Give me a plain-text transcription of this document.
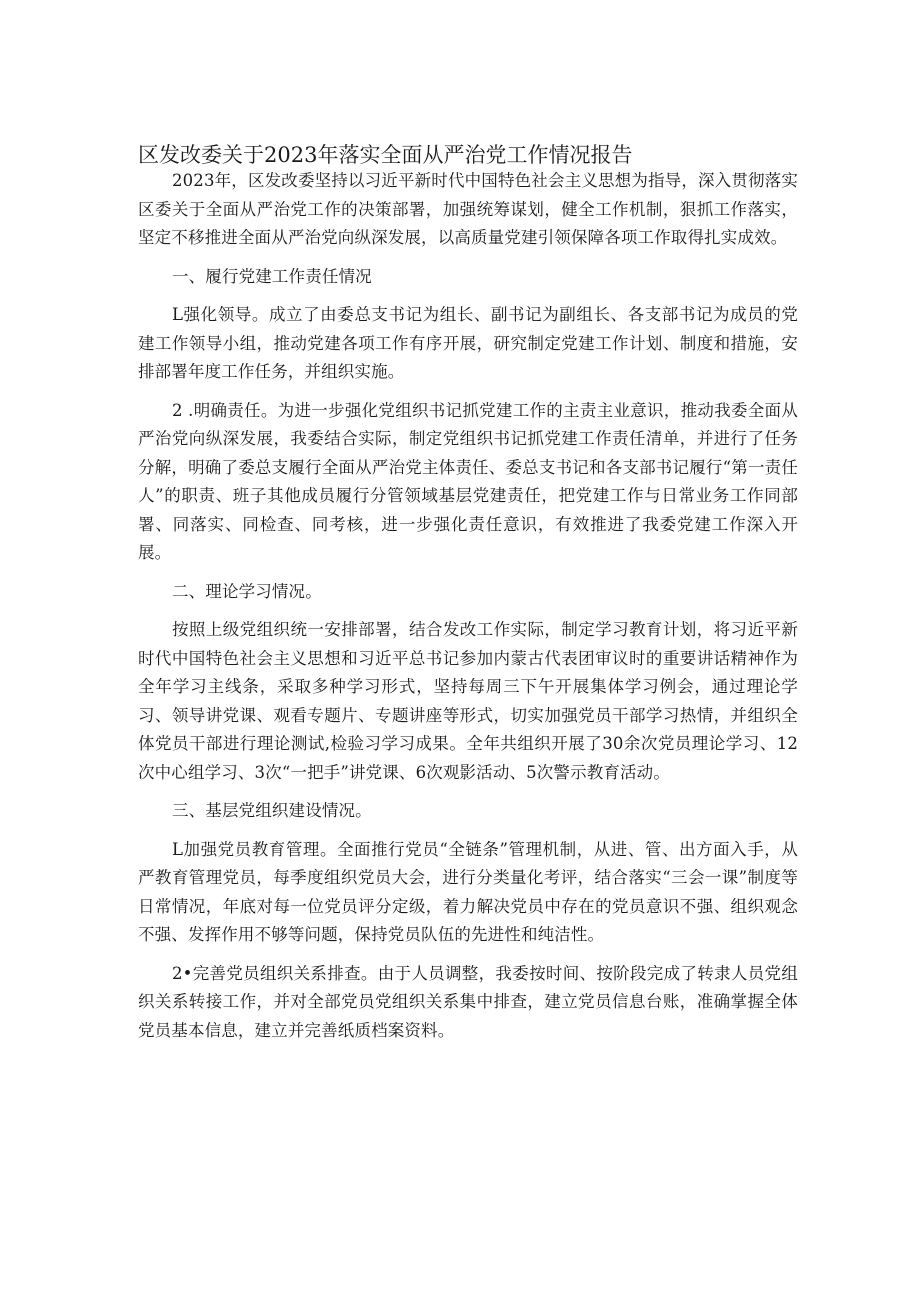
区发改委关于2023年落实全面从严治党工作情况报告

2023年，区发改委坚持以习近平新时代中国特色社会主义思想为指导，深入贯彻落实区委关于全面从严治党工作的决策部署，加强统筹谋划，健全工作机制，狠抓工作落实，坚定不移推进全面从严治党向纵深发展，以高质量党建引领保障各项工作取得扎实成效。

一、履行党建工作责任情况

L强化领导。成立了由委总支书记为组长、副书记为副组长、各支部书记为成员的党建工作领导小组，推动党建各项工作有序开展，研究制定党建工作计划、制度和措施，安排部署年度工作任务，并组织实施。

2 .明确责任。为进一步强化党组织书记抓党建工作的主责主业意识，推动我委全面从严治党向纵深发展，我委结合实际，制定党组织书记抓党建工作责任清单，并进行了任务分解，明确了委总支履行全面从严治党主体责任、委总支书记和各支部书记履行“第一责任人”的职责、班子其他成员履行分管领域基层党建责任，把党建工作与日常业务工作同部署、同落实、同检查、同考核，进一步强化责任意识，有效推进了我委党建工作深入开展。

二、理论学习情况。

按照上级党组织统一安排部署，结合发改工作实际，制定学习教育计划，将习近平新时代中国特色社会主义思想和习近平总书记参加内蒙古代表团审议时的重要讲话精神作为全年学习主线条，采取多种学习形式，坚持每周三下午开展集体学习例会，通过理论学习、领导讲党课、观看专题片、专题讲座等形式，切实加强党员干部学习热情，并组织全体党员干部进行理论测试,检验习学习成果。全年共组织开展了30余次党员理论学习、12次中心组学习、3次“一把手”讲党课、6次观影活动、5次警示教育活动。

三、基层党组织建设情况。

L加强党员教育管理。全面推行党员“全链条”管理机制，从进、管、出方面入手，从严教育管理党员，每季度组织党员大会，进行分类量化考评，结合落实“三会一课”制度等日常情况，年底对每一位党员评分定级，着力解决党员中存在的党员意识不强、组织观念不强、发挥作用不够等问题，保持党员队伍的先进性和纯洁性。

2•完善党员组织关系排查。由于人员调整，我委按时间、按阶段完成了转隶人员党组织关系转接工作，并对全部党员党组织关系集中排查，建立党员信息台账，准确掌握全体党员基本信息，建立并完善纸质档案资料。
